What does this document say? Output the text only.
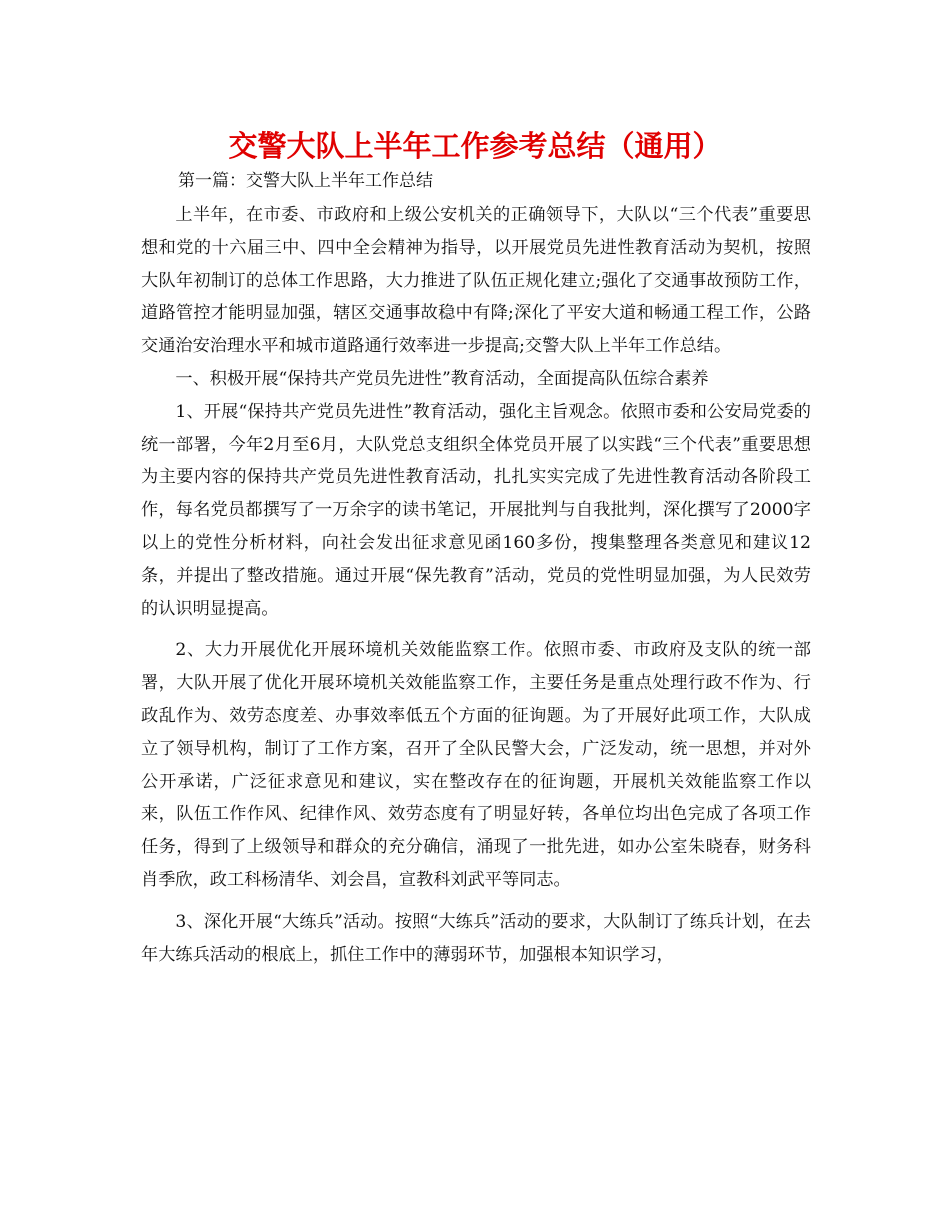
交警大队上半年工作参考总结（通用）
第一篇：交警大队上半年工作总结

上半年，在市委、市政府和上级公安机关的正确领导下，大队以“三个代表”重要思想和党的十六届三中、四中全会精神为指导，以开展党员先进性教育活动为契机，按照大队年初制订的总体工作思路，大力推进了队伍正规化建立;强化了交通事故预防工作，道路管控才能明显加强，辖区交通事故稳中有降;深化了平安大道和畅通工程工作，公路交通治安治理水平和城市道路通行效率进一步提高;交警大队上半年工作总结。

一、积极开展“保持共产党员先进性”教育活动，全面提高队伍综合素养

1、开展“保持共产党员先进性”教育活动，强化主旨观念。依照市委和公安局党委的统一部署，今年2月至6月，大队党总支组织全体党员开展了以实践“三个代表”重要思想为主要内容的保持共产党员先进性教育活动，扎扎实实完成了先进性教育活动各阶段工作，每名党员都撰写了一万余字的读书笔记，开展批判与自我批判，深化撰写了2000字以上的党性分析材料，向社会发出征求意见函160多份，搜集整理各类意见和建议12条，并提出了整改措施。通过开展“保先教育”活动，党员的党性明显加强，为人民效劳的认识明显提高。

2、大力开展优化开展环境机关效能监察工作。依照市委、市政府及支队的统一部署，大队开展了优化开展环境机关效能监察工作，主要任务是重点处理行政不作为、行政乱作为、效劳态度差、办事效率低五个方面的征询题。为了开展好此项工作，大队成立了领导机构，制订了工作方案，召开了全队民警大会，广泛发动，统一思想，并对外公开承诺，广泛征求意见和建议，实在整改存在的征询题，开展机关效能监察工作以来，队伍工作作风、纪律作风、效劳态度有了明显好转，各单位均出色完成了各项工作任务，得到了上级领导和群众的充分确信，涌现了一批先进，如办公室朱晓春，财务科肖季欣，政工科杨清华、刘会昌，宣教科刘武平等同志。

3、深化开展“大练兵”活动。按照“大练兵”活动的要求，大队制订了练兵计划，在去年大练兵活动的根底上，抓住工作中的薄弱环节，加强根本知识学习，
